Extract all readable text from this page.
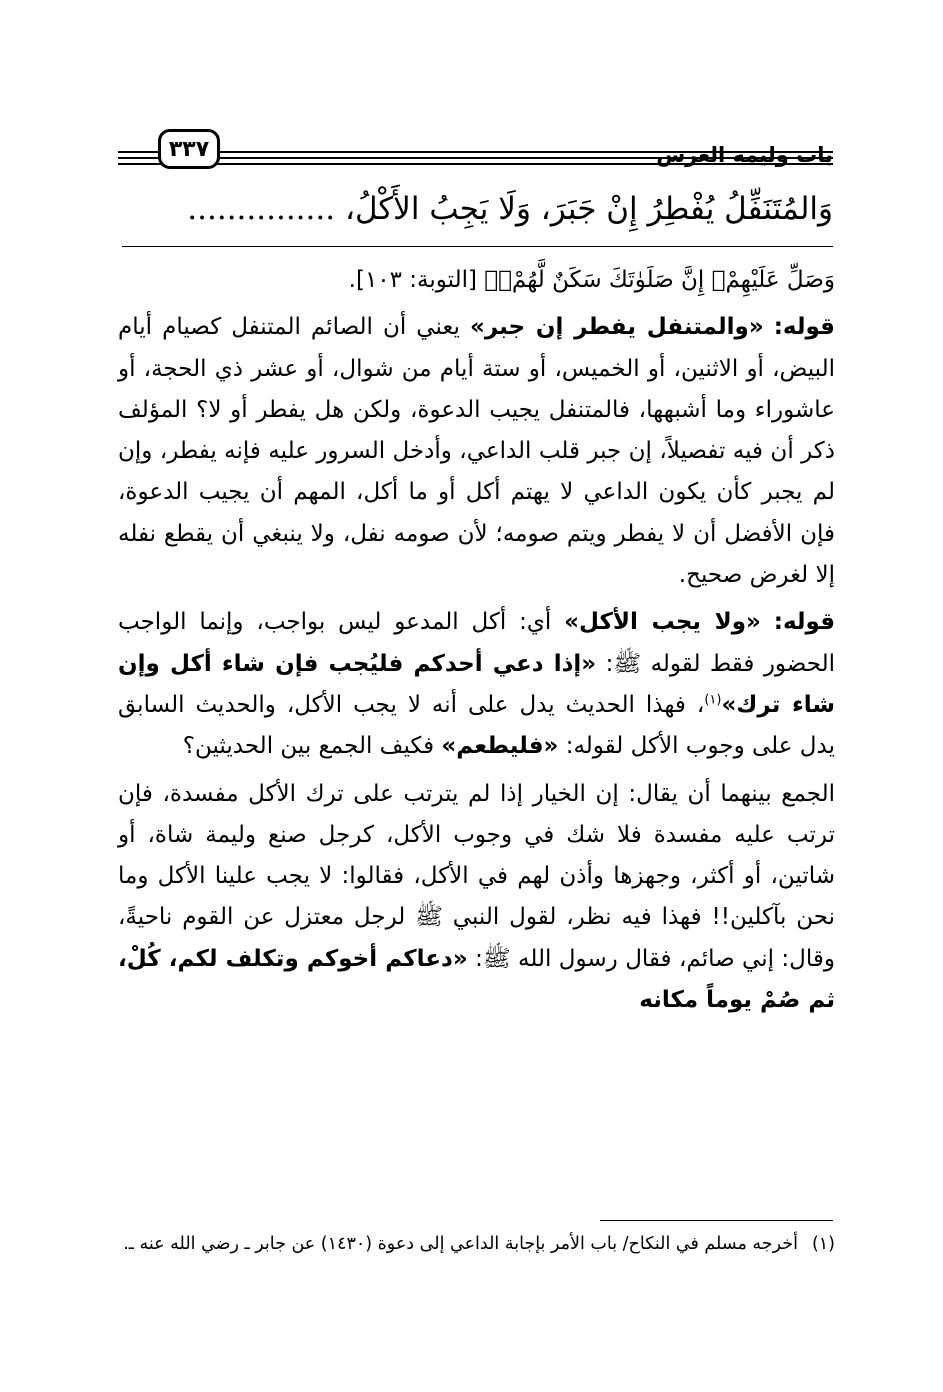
باب وليمة العرس
٣٣٧
وَالمُتَنَفِّلُ يُفْطِرُ إِنْ جَبَرَ، وَلَا يَجِبُ الأَكْلُ، ...............

وَصَلِّ عَلَيْهِمْۖ إِنَّ صَلَوٰتَكَ سَكَنٌ لَّهُمْۗ﴾ [التوبة: ١٠٣].

قوله: «والمتنفل يفطر إن جبر» يعني أن الصائم المتنفل كصيام أيام البيض، أو الاثنين، أو الخميس، أو ستة أيام من شوال، أو عشر ذي الحجة، أو عاشوراء وما أشبهها، فالمتنفل يجيب الدعوة، ولكن هل يفطر أو لا؟ المؤلف ذكر أن فيه تفصيلاً، إن جبر قلب الداعي، وأدخل السرور عليه فإنه يفطر، وإن لم يجبر كأن يكون الداعي لا يهتم أكل أو ما أكل، المهم أن يجيب الدعوة، فإن الأفضل أن لا يفطر ويتم صومه؛ لأن صومه نفل، ولا ينبغي أن يقطع نفله إلا لغرض صحيح.

قوله: «ولا يجب الأكل» أي: أكل المدعو ليس بواجب، وإنما الواجب الحضور فقط لقوله ﷺ: «إذا دعي أحدكم فليُجب فإن شاء أكل وإن شاء ترك»$^{(١)}$، فهذا الحديث يدل على أنه لا يجب الأكل، والحديث السابق يدل على وجوب الأكل لقوله: «فليطعم» فكيف الجمع بين الحديثين؟

الجمع بينهما أن يقال: إن الخيار إذا لم يترتب على ترك الأكل مفسدة، فإن ترتب عليه مفسدة فلا شك في وجوب الأكل، كرجل صنع وليمة شاة، أو شاتين، أو أكثر، وجهزها وأذن لهم في الأكل، فقالوا: لا يجب علينا الأكل وما نحن بآكلين!! فهذا فيه نظر، لقول النبي ﷺ لرجل معتزل عن القوم ناحيةً، وقال: إني صائم، فقال رسول الله ﷺ: «دعاكم أخوكم وتكلف لكم، كُلْ، ثم صُمْ يوماً مكانه

(١)أخرجه مسلم في النكاح/ باب الأمر بإجابة الداعي إلى دعوة (١٤٣٠) عن جابر ـ رضي الله عنه ـ.
